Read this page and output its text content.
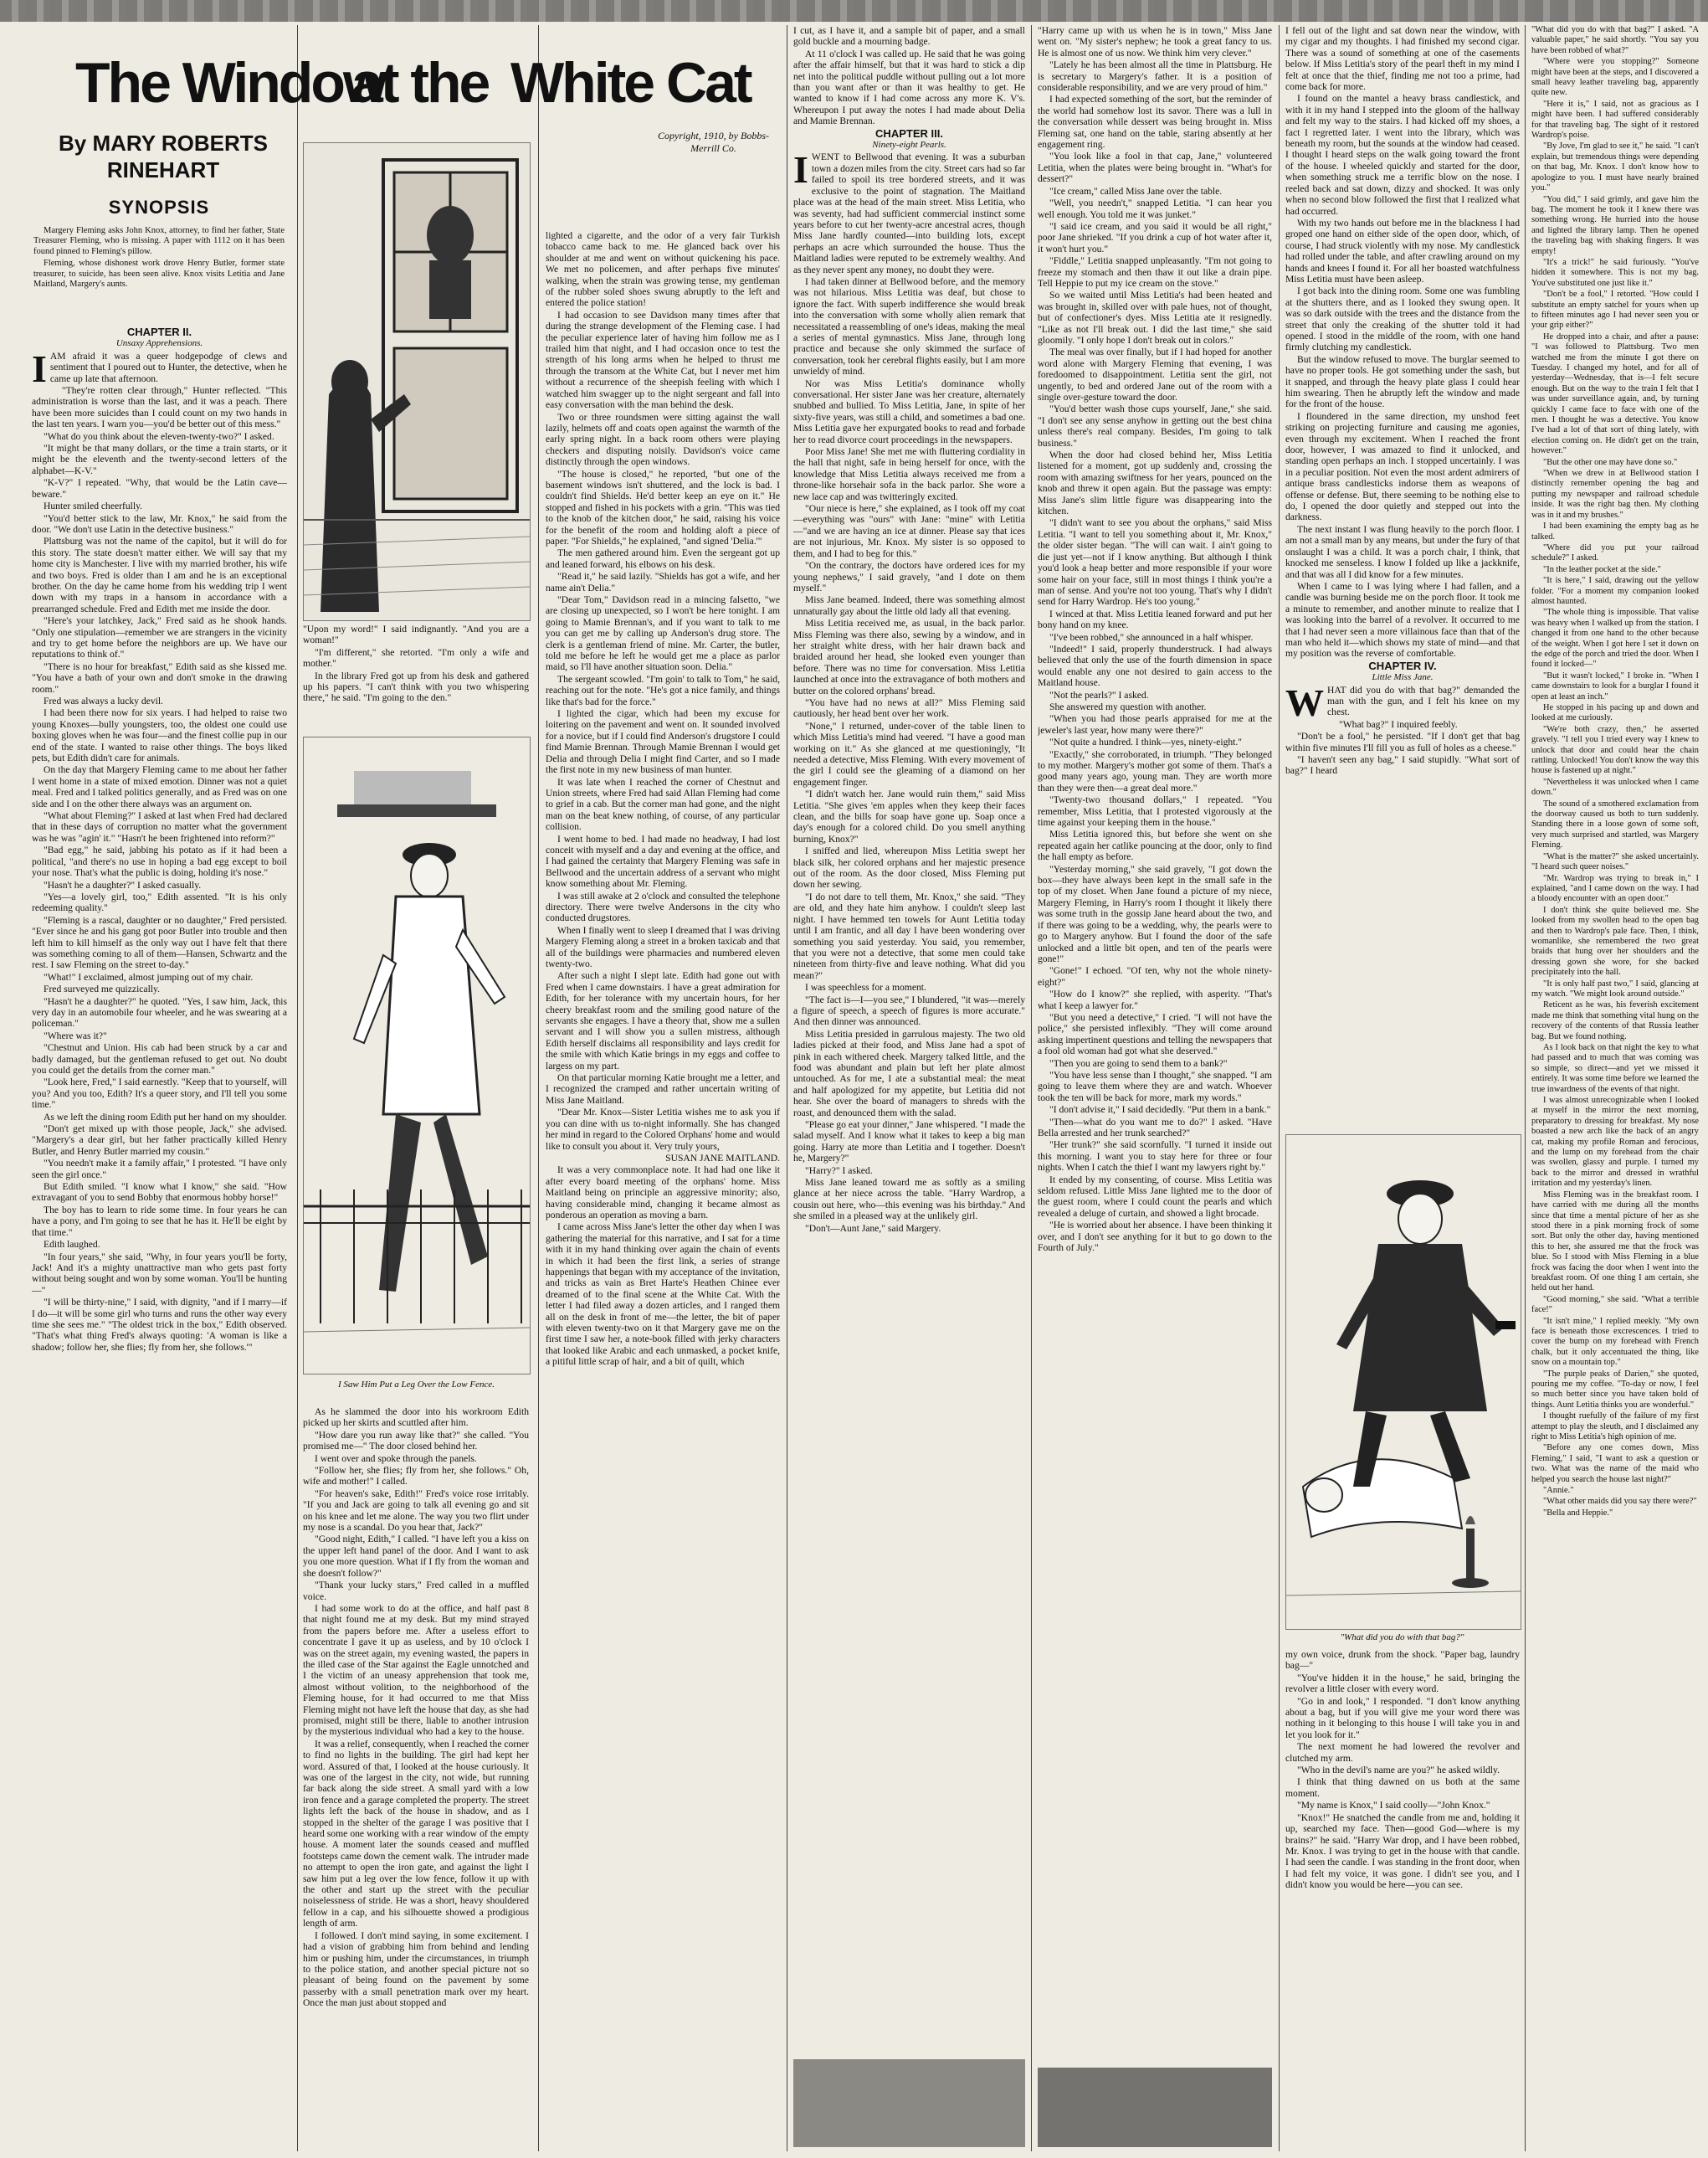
The Window
at the White Cat
By MARY ROBERTS
RINEHART
Copyright, 1910, by Bobbs-
Merrill Co.
SYNOPSIS

Margery Fleming asks John Knox, attorney, to find her father, State Treasurer Fleming, who is missing. A paper with 1112 on it has been found pinned to Fleming's pillow.

Fleming, whose dishonest work drove Henry Butler, former state treasurer, to suicide, has been seen alive. Knox visits Letitia and Jane Maitland, Margery's aunts.

CHAPTER II.

Unsaxy Apprehensions.

IAM afraid it was a queer hodgepodge of clews and sentiment that I poured out to Hunter, the detective, when he came up late that afternoon.

"They're rotten clear through," Hunter reflected. "This administration is worse than the last, and it was a peach. There have been more suicides than I could count on my two hands in the last ten years. I warn you—you'd be better out of this mess."

"What do you think about the eleven-twenty-two?" I asked.

"It might be that many dollars, or the time a train starts, or it might be the eleventh and the twenty-second letters of the alphabet—K-V."

"K-V?" I repeated. "Why, that would be the Latin cave—beware."

Hunter smiled cheerfully.

"You'd better stick to the law, Mr. Knox," he said from the door. "We don't use Latin in the detective business."

Plattsburg was not the name of the capitol, but it will do for this story. The state doesn't matter either. We will say that my home city is Manchester. I live with my married brother, his wife and two boys. Fred is older than I am and he is an exceptional brother. On the day he came home from his wedding trip I went down with my traps in a hansom in accordance with a prearranged schedule. Fred and Edith met me inside the door.

"Here's your latchkey, Jack," Fred said as he shook hands. "Only one stipulation—remember we are strangers in the vicinity and try to get home before the neighbors are up. We have our reputations to think of."

"There is no hour for breakfast," Edith said as she kissed me. "You have a bath of your own and don't smoke in the drawing room."

Fred was always a lucky devil.

I had been there now for six years. I had helped to raise two young Knoxes—bully youngsters, too, the oldest one could use boxing gloves when he was four—and the finest collie pup in our end of the state. I wanted to raise other things. The boys liked pets, but Edith didn't care for animals.

On the day that Margery Fleming came to me about her father I went home in a state of mixed emotion. Dinner was not a quiet meal. Fred and I talked politics generally, and as Fred was on one side and I on the other there always was an argument on.

"What about Fleming?" I asked at last when Fred had declared that in these days of corruption no matter what the government was he was "agin' it." "Hasn't he been frightened into reform?"

"Bad egg," he said, jabbing his potato as if it had been a political, "and there's no use in hoping a bad egg except to boil your nose. That's what the public is doing, holding it's nose."

"Hasn't he a daughter?" I asked casually.

"Yes—a lovely girl, too," Edith assented. "It is his only redeeming quality."

"Fleming is a rascal, daughter or no daughter," Fred persisted. "Ever since he and his gang got poor Butler into trouble and then left him to kill himself as the only way out I have felt that there was something coming to all of them—Hansen, Schwartz and the rest. I saw Fleming on the street to-day."

"What!" I exclaimed, almost jumping out of my chair.

Fred surveyed me quizzically.

"Hasn't he a daughter?" he quoted. "Yes, I saw him, Jack, this very day in an automobile four wheeler, and he was swearing at a policeman."

"Where was it?"

"Chestnut and Union. His cab had been struck by a car and badly damaged, but the gentleman refused to get out. No doubt you could get the details from the corner man."

"Look here, Fred," I said earnestly. "Keep that to yourself, will you? And you too, Edith? It's a queer story, and I'll tell you some time."

As we left the dining room Edith put her hand on my shoulder.

"Don't get mixed up with those people, Jack," she advised. "Margery's a dear girl, but her father practically killed Henry Butler, and Henry Butler married my cousin."

"You needn't make it a family affair," I protested. "I have only seen the girl once."

But Edith smiled. "I know what I know," she said. "How extravagant of you to send Bobby that enormous hobby horse!"

The boy has to learn to ride some time. In four years he can have a pony, and I'm going to see that he has it. He'll be eight by that time."

Edith laughed.

"In four years," she said, "Why, in four years you'll be forty, Jack! And it's a mighty unattractive man who gets past forty without being sought and won by some woman. You'll be hunting—"

"I will be thirty-nine," I said, with dignity, "and if I marry—if I do—it will be some girl who turns and runs the other way every time she sees me." "The oldest trick in the box," Edith observed. "That's what thing Fred's always quoting: 'A woman is like a shadow; follow her, she flies; fly from her, she follows.'"

I Saw Him Put a Leg Over the Low Fence.

"Upon my word!" I said indignantly. "And you are a woman!"

"I'm different," she retorted. "I'm only a wife and mother."

In the library Fred got up from his desk and gathered up his papers. "I can't think with you two whispering there," he said. "I'm going to the den."

As he slammed the door into his workroom Edith picked up her skirts and scuttled after him.

"How dare you run away like that?" she called. "You promised me—" The door closed behind her.

I went over and spoke through the panels.

"Follow her, she flies; fly from her, she follows." Oh, wife and mother!" I called.

"For heaven's sake, Edith!" Fred's voice rose irritably. "If you and Jack are going to talk all evening go and sit on his knee and let me alone. The way you two flirt under my nose is a scandal. Do you hear that, Jack?"

"Good night, Edith," I called. "I have left you a kiss on the upper left hand panel of the door. And I want to ask you one more question. What if I fly from the woman and she doesn't follow?"

"Thank your lucky stars," Fred called in a muffled voice.

I had some work to do at the office, and half past 8 that night found me at my desk. But my mind strayed from the papers before me. After a useless effort to concentrate I gave it up as useless, and by 10 o'clock I was on the street again, my evening wasted, the papers in the illed case of the Star against the Eagle unnotched and I the victim of an uneasy apprehension that took me, almost without volition, to the neighborhood of the Fleming house, for it had occurred to me that Miss Fleming might not have left the house that day, as she had promised, might still be there, liable to another intrusion by the mysterious individual who had a key to the house.

It was a relief, consequently, when I reached the corner to find no lights in the building. The girl had kept her word. Assured of that, I looked at the house curiously. It was one of the largest in the city, not wide, but running far back along the side street. A small yard with a low iron fence and a garage completed the property. The street lights left the back of the house in shadow, and as I stopped in the shelter of the garage I was positive that I heard some one working with a rear window of the empty house. A moment later the sounds ceased and muffled footsteps came down the cement walk. The intruder made no attempt to open the iron gate, and against the light I saw him put a leg over the low fence, follow it up with the other and start up the street with the peculiar noiselessness of stride. He was a short, heavy shouldered fellow in a cap, and his silhouette showed a prodigious length of arm.

I followed. I don't mind saying, in some excitement. I had a vision of grabbing him from behind and lending him or pushing him, under the circumstances, in triumph to the police station, and another special picture not so pleasant of being found on the pavement by some passerby with a small penetration mark over my heart. Once the man just about stopped and

lighted a cigarette, and the odor of a very fair Turkish tobacco came back to me. He glanced back over his shoulder at me and went on without quickening his pace. We met no policemen, and after perhaps five minutes' walking, when the strain was growing tense, my gentleman of the rubber soled shoes swung abruptly to the left and entered the police station!

I had occasion to see Davidson many times after that during the strange development of the Fleming case. I had the peculiar experience later of having him follow me as I trailed him that night, and I had occasion once to test the strength of his long arms when he helped to thrust me through the transom at the White Cat, but I never met him without a recurrence of the sheepish feeling with which I watched him swagger up to the night sergeant and fall into easy conversation with the man behind the desk.

Two or three roundsmen were sitting against the wall lazily, helmets off and coats open against the warmth of the early spring night. In a back room others were playing checkers and disputing noisily. Davidson's voice came distinctly through the open windows.

"The house is closed," he reported, "but one of the basement windows isn't shuttered, and the lock is bad. I couldn't find Shields. He'd better keep an eye on it." He stopped and fished in his pockets with a grin. "This was tied to the knob of the kitchen door," he said, raising his voice for the benefit of the room and holding aloft a piece of paper. "For Shields," he explained, "and signed 'Delia.'"

The men gathered around him. Even the sergeant got up and leaned forward, his elbows on his desk.

"Read it," he said lazily. "Shields has got a wife, and her name ain't Delia."

"Dear Tom," Davidson read in a mincing falsetto, "we are closing up unexpected, so I won't be here tonight. I am going to Mamie Brennan's, and if you want to talk to me you can get me by calling up Anderson's drug store. The clerk is a gentleman friend of mine. Mr. Carter, the butler, told me before he left he would get me a place as parlor maid, so I'll have another situation soon. Delia."

The sergeant scowled. "I'm goin' to talk to Tom," he said, reaching out for the note. "He's got a nice family, and things like that's bad for the force."

I lighted the cigar, which had been my excuse for loitering on the pavement and went on. It sounded involved for a novice, but if I could find Anderson's drugstore I could find Mamie Brennan. Through Mamie Brennan I would get Delia and through Delia I might find Carter, and so I made the first note in my new business of man hunter.

It was late when I reached the corner of Chestnut and Union streets, where Fred had said Allan Fleming had come to grief in a cab. But the corner man had gone, and the night man on the beat knew nothing, of course, of any particular collision.

I went home to bed. I had made no headway, I had lost conceit with myself and a day and evening at the office, and I had gained the certainty that Margery Fleming was safe in Bellwood and the uncertain address of a servant who might know something about Mr. Fleming.

I was still awake at 2 o'clock and consulted the telephone directory. There were twelve Andersons in the city who conducted drugstores.

When I finally went to sleep I dreamed that I was driving Margery Fleming along a street in a broken taxicab and that all of the buildings were pharmacies and numbered eleven twenty-two.

After such a night I slept late. Edith had gone out with Fred when I came downstairs. I have a great admiration for Edith, for her tolerance with my uncertain hours, for her cheery breakfast room and the smiling good nature of the servants she engages. I have a theory that, show me a sullen servant and I will show you a sullen mistress, although Edith herself disclaims all responsibility and lays credit for the smile with which Katie brings in my eggs and coffee to largess on my part.

On that particular morning Katie brought me a letter, and I recognized the cramped and rather uncertain writing of Miss Jane Maitland.

"Dear Mr. Knox—Sister Letitia wishes me to ask you if you can dine with us to-night informally. She has changed her mind in regard to the Colored Orphans' home and would like to consult you about it. Very truly yours,

SUSAN JANE MAITLAND.

It was a very commonplace note. It had had one like it after every board meeting of the orphans' home. Miss Maitland being on principle an aggressive minority; also, having considerable mind, changing it became almost as ponderous an operation as moving a barn.

I came across Miss Jane's letter the other day when I was gathering the material for this narrative, and I sat for a time with it in my hand thinking over again the chain of events in which it had been the first link, a series of strange happenings that began with my acceptance of the invitation, and tricks as vain as Bret Harte's Heathen Chinee ever dreamed of to the final scene at the White Cat. With the letter I had filed away a dozen articles, and I ranged them all on the desk in front of me—the letter, the bit of paper with eleven twenty-two on it that Margery gave me on the first time I saw her, a note-book filled with jerky characters that looked like Arabic and each unmasked, a pocket knife, a pitiful little scrap of hair, and a bit of quilt, which

I cut, as I have it, and a sample bit of paper, and a small gold buckle and a mourning badge.

At 11 o'clock I was called up. He said that he was going after the affair himself, but that it was hard to stick a dip net into the political puddle without pulling out a lot more than you want after or than it was healthy to get. He wanted to know if I had come across any more K. V's. Whereupon I put away the notes I had made about Delia and Mamie Brennan.

CHAPTER III.

Ninety-eight Pearls.

IWENT to Bellwood that evening. It was a suburban town a dozen miles from the city. Street cars had so far failed to spoil its tree bordered streets, and it was exclusive to the point of stagnation. The Maitland place was at the head of the main street. Miss Letitia, who was seventy, had had sufficient commercial instinct some years before to cut her twenty-acre ancestral acres, though Miss Jane hardly counted—into building lots, except perhaps an acre which surrounded the house. Thus the Maitland ladies were reputed to be extremely wealthy. And as they never spent any money, no doubt they were.

I had taken dinner at Bellwood before, and the memory was not hilarious. Miss Letitia was deaf, but chose to ignore the fact. With superb indifference she would break into the conversation with some wholly alien remark that necessitated a reassembling of one's ideas, making the meal a series of mental gymnastics. Miss Jane, through long practice and because she only skimmed the surface of conversation, took her cerebral flights easily, but I am more unwieldy of mind.

Nor was Miss Letitia's dominance wholly conversational. Her sister Jane was her creature, alternately snubbed and bullied. To Miss Letitia, Jane, in spite of her sixty-five years, was still a child, and sometimes a bad one. Miss Letitia gave her expurgated books to read and forbade her to read divorce court proceedings in the newspapers.

Poor Miss Jane! She met me with fluttering cordiality in the hall that night, safe in being herself for once, with the knowledge that Miss Letitia always received me from a throne-like horsehair sofa in the back parlor. She wore a new lace cap and was twitteringly excited.

"Our niece is here," she explained, as I took off my coat—everything was "ours" with Jane: "mine" with Letitia—"and we are having an ice at dinner. Please say that ices are not injurious, Mr. Knox. My sister is so opposed to them, and I had to beg for this."

"On the contrary, the doctors have ordered ices for my young nephews," I said gravely, "and I dote on them myself."

Miss Jane beamed. Indeed, there was something almost unnaturally gay about the little old lady all that evening.

Miss Letitia received me, as usual, in the back parlor. Miss Fleming was there also, sewing by a window, and in her straight white dress, with her hair drawn back and braided around her head, she looked even younger than before. There was no time for conversation. Miss Letitia launched at once into the extravagance of both mothers and butter on the colored orphans' bread.

"You have had no news at all?" Miss Fleming said cautiously, her head bent over her work.

"None," I returned, under-cover of the table linen to which Miss Letitia's mind had veered. "I have a good man working on it." As she glanced at me questioningly, "It needed a detective, Miss Fleming. With every movement of the girl I could see the gleaming of a diamond on her engagement finger.

"I didn't watch her. Jane would ruin them," said Miss Letitia. "She gives 'em apples when they keep their faces clean, and the bills for soap have gone up. Soap once a day's enough for a colored child. Do you smell anything burning, Knox?"

I sniffed and lied, whereupon Miss Letitia swept her black silk, her colored orphans and her majestic presence out of the room. As the door closed, Miss Fleming put down her sewing.

"I do not dare to tell them, Mr. Knox," she said. "They are old, and they hate him anyhow. I couldn't sleep last night. I have hemmed ten towels for Aunt Letitia today until I am frantic, and all day I have been wondering over something you said yesterday. You said, you remember, that you were not a detective, that some men could take nineteen from thirty-five and leave nothing. What did you mean?"

I was speechless for a moment.

"The fact is—I—you see," I blundered, "it was—merely a figure of speech, a speech of figures is more accurate." And then dinner was announced.

Miss Letitia presided in garrulous majesty. The two old ladies picked at their food, and Miss Jane had a spot of pink in each withered cheek. Margery talked little, and the food was abundant and plain but left her plate almost untouched. As for me, I ate a substantial meal: the meat and half apologized for my appetite, but Letitia did not hear. She over the board of managers to shreds with the roast, and denounced them with the salad.

"Please go eat your dinner," Jane whispered. "I made the salad myself. And I know what it takes to keep a big man going. Harry ate more than Letitia and I together. Doesn't he, Margery?"

"Harry?" I asked.

Miss Jane leaned toward me as softly as a smiling glance at her niece across the table. "Harry Wardrop, a cousin out here, who—this evening was his birthday." And she smiled in a pleased way at the unlikely girl.

"Don't—Aunt Jane," said Margery.

"Harry came up with us when he is in town," Miss Jane went on. "My sister's nephew; he took a great fancy to us. He is almost one of us now. We think him very clever."

"Lately he has been almost all the time in Plattsburg. He is secretary to Margery's father. It is a position of considerable responsibility, and we are very proud of him."

I had expected something of the sort, but the reminder of the world had somehow lost its savor. There was a lull in the conversation while dessert was being brought in. Miss Fleming sat, one hand on the table, staring absently at her engagement ring.

"You look like a fool in that cap, Jane," volunteered Letitia, when the plates were being brought in. "What's for dessert?"

"Ice cream," called Miss Jane over the table.

"Well, you needn't," snapped Letitia. "I can hear you well enough. You told me it was junket."

"I said ice cream, and you said it would be all right," poor Jane shrieked. "If you drink a cup of hot water after it, it won't hurt you."

"Fiddle," Letitia snapped unpleasantly. "I'm not going to freeze my stomach and then thaw it out like a drain pipe. Tell Heppie to put my ice cream on the stove."

So we waited until Miss Letitia's had been heated and was brought in, skilled over with pale hues, not of thought, but of confectioner's dyes. Miss Letitia ate it resignedly. "Like as not I'll break out. I did the last time," she said gloomily. "I only hope I don't break out in colors."

The meal was over finally, but if I had hoped for another word alone with Margery Fleming that evening, I was foredoomed to disappointment. Letitia sent the girl, not ungently, to bed and ordered Jane out of the room with a single over-gesture toward the door.

"You'd better wash those cups yourself, Jane," she said. "I don't see any sense anyhow in getting out the best china unless there's real company. Besides, I'm going to talk business."

When the door had closed behind her, Miss Letitia listened for a moment, got up suddenly and, crossing the room with amazing swiftness for her years, pounced on the knob and threw it open again. But the passage was empty: Miss Jane's slim little figure was disappearing into the kitchen.

"I didn't want to see you about the orphans," said Miss Letitia. "I want to tell you something about it, Mr. Knox," the older sister began. "The will can wait. I ain't going to die just yet—not if I know anything. But although I think you'd look a heap better and more responsible if your wore some hair on your face, still in most things I think you're a man of sense. And you're not too young. That's why I didn't send for Harry Wardrop. He's too young."

I winced at that. Miss Letitia leaned forward and put her bony hand on my knee.

"I've been robbed," she announced in a half whisper.

"Indeed!" I said, properly thunderstruck. I had always believed that only the use of the fourth dimension in space would enable any one not desired to gain access to the Maitland house.

"Not the pearls?" I asked.

She answered my question with another.

"When you had those pearls appraised for me at the jeweler's last year, how many were there?"

"Not quite a hundred. I think—yes, ninety-eight."

"Exactly," she corroborated, in triumph. "They belonged to my mother. Margery's mother got some of them. That's a good many years ago, young man. They are worth more than they were then—a great deal more."

"Twenty-two thousand dollars," I repeated. "You remember, Miss Letitia, that I protested vigorously at the time against your keeping them in the house."

Miss Letitia ignored this, but before she went on she repeated again her catlike pouncing at the door, only to find the hall empty as before.

"Yesterday morning," she said gravely, "I got down the box—they have always been kept in the small safe in the top of my closet. When Jane found a picture of my niece, Margery Fleming, in Harry's room I thought it likely there was some truth in the gossip Jane heard about the two, and if there was going to be a wedding, why, the pearls were to go to Margery anyhow. But I found the door of the safe unlocked and a little bit open, and ten of the pearls were gone!"

"Gone!" I echoed. "Of ten, why not the whole ninety-eight?"

"How do I know?" she replied, with asperity. "That's what I keep a lawyer for."

"But you need a detective," I cried. "I will not have the police," she persisted inflexibly. "They will come around asking impertinent questions and telling the newspapers that a fool old woman had got what she deserved."

"Then you are going to send them to a bank?"

"You have less sense than I thought," she snapped. "I am going to leave them where they are and watch. Whoever took the ten will be back for more, mark my words."

"I don't advise it," I said decidedly. "Put them in a bank."

"Then—what do you want me to do?" I asked. "Have Bella arrested and her trunk searched?"

"Her trunk?" she said scornfully. "I turned it inside out this morning. I want you to stay here for three or four nights. When I catch the thief I want my lawyers right by."

It ended by my consenting, of course. Miss Letitia was seldom refused. Little Miss Jane lighted me to the door of the guest room, where I could count the pearls and which revealed a deluge of curtain, and showed a light brocade.

"He is worried about her absence. I have been thinking it over, and I don't see anything for it but to go down to the Fourth of July."

I fell out of the light and sat down near the window, with my cigar and my thoughts. I had finished my second cigar. There was a sound of something at one of the casements below. If Miss Letitia's story of the pearl theft in my mind I felt at once that the thief, finding me not too a prime, had come back for more.

I found on the mantel a heavy brass candlestick, and with it in my hand I stepped into the gloom of the hallway and felt my way to the stairs. I had kicked off my shoes, a fact I regretted later. I went into the library, which was beneath my room, but the sounds at the window had ceased. I thought I heard steps on the walk going toward the front of the house. I wheeled quickly and started for the door, when something struck me a terrific blow on the nose. I reeled back and sat down, dizzy and shocked. It was only when no second blow followed the first that I realized what had occurred.

With my two hands out before me in the blackness I had groped one hand on either side of the open door, which, of course, I had struck violently with my nose. My candlestick had rolled under the table, and after crawling around on my hands and knees I found it. For all her boasted watchfulness Miss Letitia must have been asleep.

I got back into the dining room. Some one was fumbling at the shutters there, and as I looked they swung open. It was so dark outside with the trees and the distance from the street that only the creaking of the shutter told it had opened. I stood in the middle of the room, with one hand firmly clutching my candlestick.

But the window refused to move. The burglar seemed to have no proper tools. He got something under the sash, but it snapped, and through the heavy plate glass I could hear him swearing. Then he abruptly left the window and made for the front of the house.

I floundered in the same direction, my unshod feet striking on projecting furniture and causing me agonies, even through my excitement. When I reached the front door, however, I was amazed to find it unlocked, and standing open perhaps an inch. I stopped uncertainly. I was in a peculiar position. Not even the most ardent admirers of antique brass candlesticks indorse them as weapons of offense or defense. But, there seeming to be nothing else to do, I opened the door quietly and stepped out into the darkness.

The next instant I was flung heavily to the porch floor. I am not a small man by any means, but under the fury of that onslaught I was a child. It was a porch chair, I think, that knocked me senseless. I know I folded up like a jackknife, and that was all I did know for a few minutes.

When I came to I was lying where I had fallen, and a candle was burning beside me on the porch floor. It took me a minute to remember, and another minute to realize that I was looking into the barrel of a revolver. It occurred to me that I had never seen a more villainous face than that of the man who held it—which shows my state of mind—and that my position was the reverse of comfortable.

CHAPTER IV.

Little Miss Jane.

WHAT did you do with that bag?" demanded the man with the gun, and I felt his knee on my chest.

"What bag?" I inquired feebly.

"Don't be a fool," he persisted. "If I don't get that bag within five minutes I'll fill you as full of holes as a cheese."

"I haven't seen any bag," I said stupidly. "What sort of bag?" I heard

"What did you do with that bag?"

my own voice, drunk from the shock. "Paper bag, laundry bag—"

"You've hidden it in the house," he said, bringing the revolver a little closer with every word.

"Go in and look," I responded. "I don't know anything about a bag, but if you will give me your word there was nothing in it belonging to this house I will take you in and let you look for it."

The next moment he had lowered the revolver and clutched my arm.

"Who in the devil's name are you?" he asked wildly.

I think that thing dawned on us both at the same moment.

"My name is Knox," I said coolly—"John Knox."

"Knox!" He snatched the candle from me and, holding it up, searched my face. Then—good God—where is my brains?" he said. "Harry War drop, and I have been robbed, Mr. Knox. I was trying to get in the house with that candle. I had seen the candle. I was standing in the front door, when I had felt my voice, it was gone. I didn't see you, and I didn't know you would be here—you can see.

"What did you do with that bag?" I asked. "A valuable paper," he said shortly. "You say you have been robbed of what?"

"Where were you stopping?" Someone might have been at the steps, and I discovered a small heavy leather traveling bag, apparently quite new.

"Here it is," I said, not as gracious as I might have been. I had suffered considerably for that traveling bag. The sight of it restored Wardrop's poise.

"By Jove, I'm glad to see it," he said. "I can't explain, but tremendous things were depending on that bag, Mr. Knox. I don't know how to apologize to you. I must have nearly brained you."

"You did," I said grimly, and gave him the bag. The moment he took it I knew there was something wrong. He hurried into the house and lighted the library lamp. Then he opened the traveling bag with shaking fingers. It was empty!

"It's a trick!" he said furiously. "You've hidden it somewhere. This is not my bag. You've substituted one just like it."

"Don't be a fool," I retorted. "How could I substitute an empty satchel for yours when up to fifteen minutes ago I had never seen you or your grip either?"

He dropped into a chair, and after a pause: "I was followed to Plattsburg. Two men watched me from the minute I got there on Tuesday. I changed my hotel, and for all of yesterday—Wednesday, that is—I felt secure enough. But on the way to the train I felt that I was under surveillance again, and, by turning quickly I came face to face with one of the men. I thought he was a detective. You know I've had a lot of that sort of thing lately, with election coming on. He didn't get on the train, however."

"But the other one may have done so."

"When we drew in at Bellwood station I distinctly remember opening the bag and putting my newspaper and railroad schedule inside. It was the right bag then. My clothing was in it and my brushes."

I had been examining the empty bag as he talked.

"Where did you put your railroad schedule?" I asked.

"In the leather pocket at the side."

"It is here," I said, drawing out the yellow folder. "For a moment my companion looked almost haunted.

"The whole thing is impossible. That valise was heavy when I walked up from the station. I changed it from one hand to the other because of the weight. When I got here I set it down on the edge of the porch and tried the door. When I found it locked—"

"But it wasn't locked," I broke in. "When I came downstairs to look for a burglar I found it open at least an inch."

He stopped in his pacing up and down and looked at me curiously.

"We're both crazy, then," he asserted gravely. "I tell you I tried every way I knew to unlock that door and could hear the chain rattling. Unlocked! You don't know the way this house is fastened up at night."

"Nevertheless it was unlocked when I came down."

The sound of a smothered exclamation from the doorway caused us both to turn suddenly. Standing there in a loose gown of some soft, very much surprised and startled, was Margery Fleming.

"What is the matter?" she asked uncertainly. "I heard such queer noises."

"Mr. Wardrop was trying to break in," I explained, "and I came down on the way. I had a bloody encounter with an open door."

I don't think she quite believed me. She looked from my swollen head to the open bag and then to Wardrop's pale face. Then, I think, womanlike, she remembered the two great braids that hung over her shoulders and the dressing gown she wore, for she backed precipitately into the hall.

"It is only half past two," I said, glancing at my watch. "We might look around outside."

Reticent as he was, his feverish excitement made me think that something vital hung on the recovery of the contents of that Russia leather bag. But we found nothing.

As I look back on that night the key to what had passed and to much that was coming was so simple, so direct—and yet we missed it entirely. It was some time before we learned the true inwardness of the events of that night.

I was almost unrecognizable when I looked at myself in the mirror the next morning, preparatory to dressing for breakfast. My nose boasted a new arch like the back of an angry cat, making my profile Roman and ferocious, and the lump on my forehead from the chair was swollen, glassy and purple. I turned my back to the mirror and dressed in wrathful irritation and my yesterday's linen.

Miss Fleming was in the breakfast room. I have carried with me during all the months since that time a mental picture of her as she stood there in a pink morning frock of some sort. But only the other day, having mentioned this to her, she assured me that the frock was blue. So I stood with Miss Fleming in a blue frock was facing the door when I went into the breakfast room. Of one thing I am certain, she held out her hand.

"Good morning," she said. "What a terrible face!"

"It isn't mine," I replied meekly. "My own face is beneath those excrescences. I tried to cover the bump on my forehead with French chalk, but it only accentuated the thing, like snow on a mountain top."

"The purple peaks of Darien," she quoted, pouring me my coffee. "To-day or now, I feel so much better since you have taken hold of things. Aunt Letitia thinks you are wonderful."

I thought ruefully of the failure of my first attempt to play the sleuth, and I disclaimed any right to Miss Letitia's high opinion of me.

"Before any one comes down, Miss Fleming," I said, "I want to ask a question or two. What was the name of the maid who helped you search the house last night?"

"Annie."

"What other maids did you say there were?"

"Bella and Heppie."
